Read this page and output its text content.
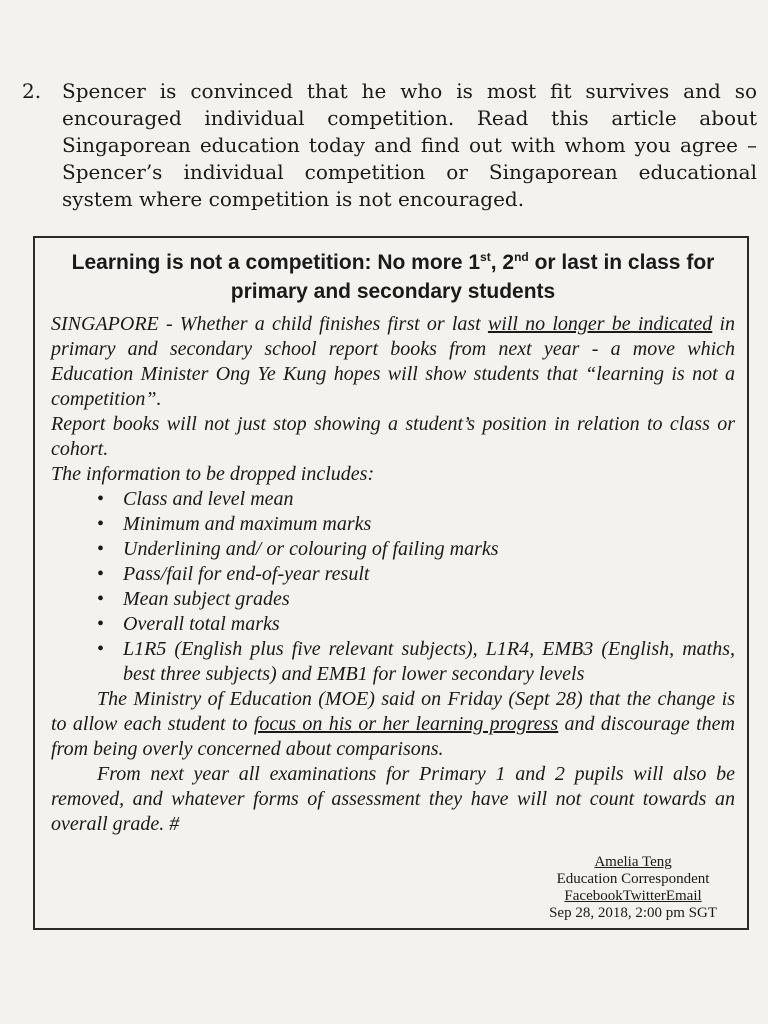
2.	Spencer is convinced that he who is most fit survives and so encouraged individual competition. Read this article about Singaporean education today and find out with whom you agree – Spencer’s individual competition or Singaporean educational system where competition is not encouraged.
Learning is not a competition: No more 1st, 2nd or last in class for primary and secondary students

SINGAPORE - Whether a child finishes first or last will no longer be indicated in primary and secondary school report books from next year - a move which Education Minister Ong Ye Kung hopes will show students that “learning is not a competition”.

Report books will not just stop showing a student’s position in relation to class or cohort.

The information to be dropped includes:

• Class and level mean
• Minimum and maximum marks
• Underlining and/ or colouring of failing marks
• Pass/fail for end-of-year result
• Mean subject grades
• Overall total marks
• L1R5 (English plus five relevant subjects), L1R4, EMB3 (English, maths, best three subjects) and EMB1 for lower secondary levels

The Ministry of Education (MOE) said on Friday (Sept 28) that the change is to allow each student to focus on his or her learning progress and discourage them from being overly concerned about comparisons.

From next year all examinations for Primary 1 and 2 pupils will also be removed, and whatever forms of assessment they have will not count towards an overall grade. #

Amelia Teng
Education Correspondent
FacebookTwitterEmail
Sep 28, 2018, 2:00 pm SGT
